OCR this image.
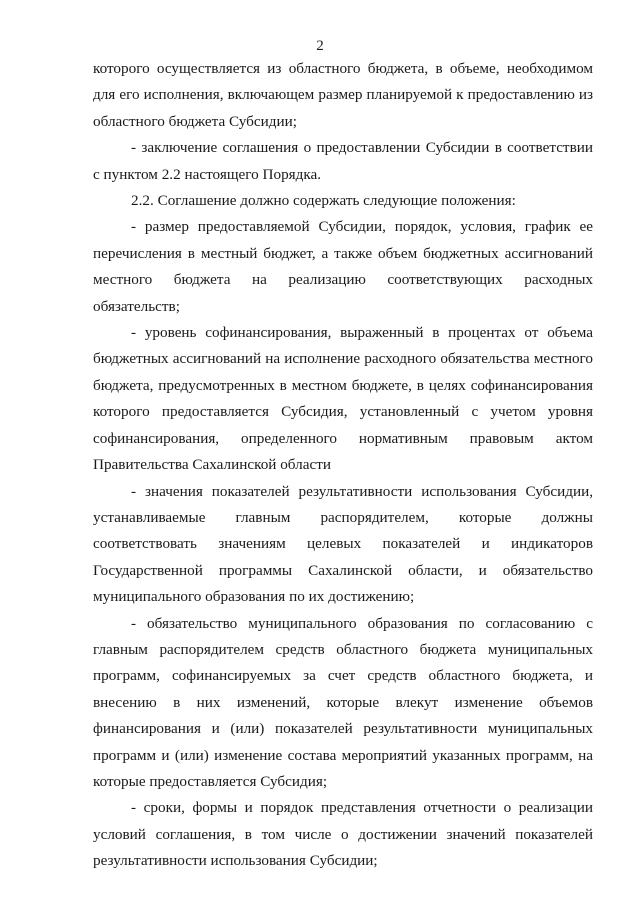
2

которого осуществляется из областного бюджета, в объеме, необходимом для его исполнения, включающем размер планируемой к предоставлению из областного бюджета Субсидии;

- заключение соглашения о предоставлении Субсидии в соответствии с пунктом 2.2 настоящего Порядка.

2.2. Соглашение должно содержать следующие положения:

- размер предоставляемой Субсидии, порядок, условия, график ее перечисления в местный бюджет, а также объем бюджетных ассигнований местного бюджета на реализацию соответствующих расходных обязательств;

- уровень софинансирования, выраженный в процентах от объема бюджетных ассигнований на исполнение расходного обязательства местного бюджета, предусмотренных в местном бюджете, в целях софинансирования которого предоставляется Субсидия, установленный с учетом уровня софинансирования, определенного нормативным правовым актом

Правительства Сахалинской области

- значения показателей результативности использования Субсидии, устанавливаемые главным распорядителем, которые должны соответствовать значениям целевых показателей и индикаторов Государственной программы Сахалинской области, и обязательство муниципального образования по их достижению;

- обязательство муниципального образования по согласованию с главным распорядителем средств областного бюджета муниципальных программ, софинансируемых за счет средств областного бюджета, и внесению в них изменений, которые влекут изменение объемов финансирования и (или) показателей результативности муниципальных программ и (или) изменение состава мероприятий указанных программ, на которые предоставляется Субсидия;

- сроки, формы и порядок представления отчетности о реализации условий соглашения, в том числе о достижении значений показателей результативности использования Субсидии;
